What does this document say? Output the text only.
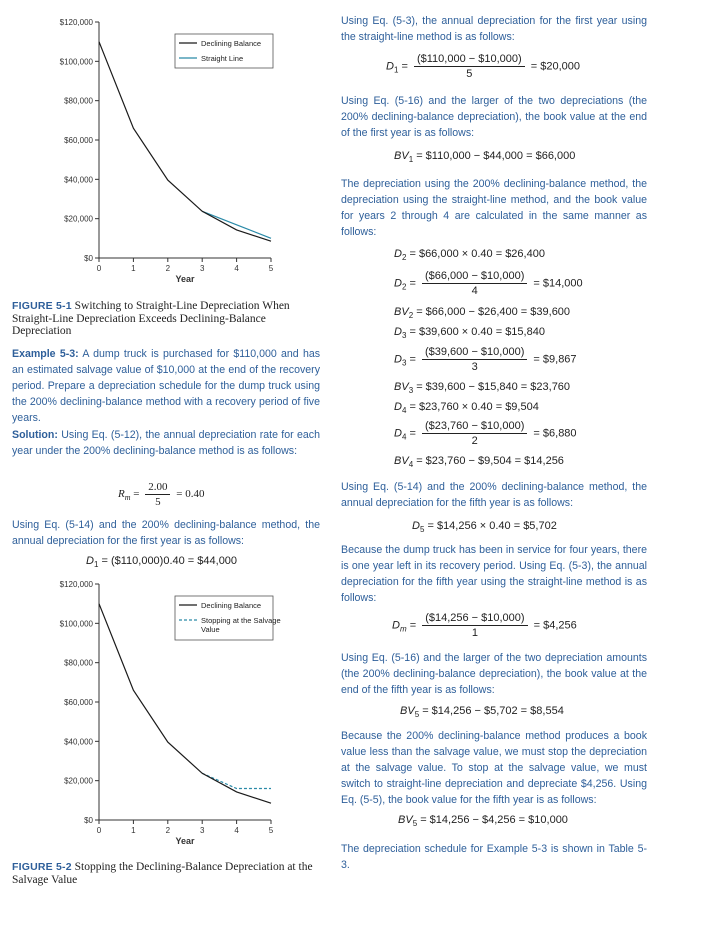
$0
$20,000
$40,000
$60,000
$80,000
$100,000
$120,000
0	1	2	3	4	5
Year
Declining Balance
Straight Line
FIGURE 5-1 Switching to Straight-Line Depreciation When Straight-Line Depreciation Exceeds Declining-Balance Depreciation
Example 5-3: A dump truck is purchased for $110,000 and has an estimated salvage value of $10,000 at the end of the recovery period. Prepare a depreciation schedule for the dump truck using the 200% declining-balance method with a recovery period of five years.
Solution: Using Eq. (5-12), the annual depreciation rate for each year under the 200% declining-balance method is as follows:
$R_m = \frac{2.00}{5} = 0.40$
Using Eq. (5-14) and the 200% declining-balance method, the annual depreciation for the first year is as follows:
$D_1$ = ($110,000)0.40 = $44,000
$0
$20,000
$40,000
$60,000
$80,000
$100,000
$120,000
0	1	2	3	4	5
Year
Declining Balance
Stopping at the Salvage
Value
FIGURE 5-2 Stopping the Declining-Balance Depreciation at the Salvage Value
Using Eq. (5-3), the annual depreciation for the first year using the straight-line method is as follows:
$D_1 = \frac{(\$110,000 - \$10,000)}{5}$ = $20,000
Using Eq. (5-16) and the larger of the two depreciations (the 200% declining-balance depreciation), the book value at the end of the first year is as follows:
$BV_1$ = $110,000 − $44,000 = $66,000
The depreciation using the 200% declining-balance method, the depreciation using the straight-line method, and the book value for years 2 through 4 are calculated in the same manner as follows:
$D_2$ = $66,000 × 0.40 = $26,400
$D_2 = \frac{(\$66,000 - \$10,000)}{4}$ = $14,000
$BV_2$ = $66,000 − $26,400 = $39,600
$D_3$ = $39,600 × 0.40 = $15,840
$D_3 = \frac{(\$39,600 - \$10,000)}{3}$ = $9,867
$BV_3$ = $39,600 − $15,840 = $23,760
$D_4$ = $23,760 × 0.40 = $9,504
$D_4 = \frac{(\$23,760 - \$10,000)}{2}$ = $6,880
$BV_4$ = $23,760 − $9,504 = $14,256
Using Eq. (5-14) and the 200% declining-balance method, the annual depreciation for the fifth year is as follows:
$D_5$ = $14,256 × 0.40 = $5,702
Because the dump truck has been in service for four years, there is one year left in its recovery period. Using Eq. (5-3), the annual depreciation for the fifth year using the straight-line method is as follows:
$D_m = \frac{(\$14,256 - \$10,000)}{1}$ = $4,256
Using Eq. (5-16) and the larger of the two depreciation amounts (the 200% declining-balance depreciation), the book value at the end of the fifth year is as follows:
$BV_5$ = $14,256 − $5,702 = $8,554
Because the 200% declining-balance method produces a book value less than the salvage value, we must stop the depreciation at the salvage value. To stop at the salvage value, we must switch to straight-line depreciation and depreciate $4,256. Using Eq. (5-5), the book value for the fifth year is as follows:
$BV_5$ = $14,256 − $4,256 = $10,000
The depreciation schedule for Example 5-3 is shown in Table 5-3.
